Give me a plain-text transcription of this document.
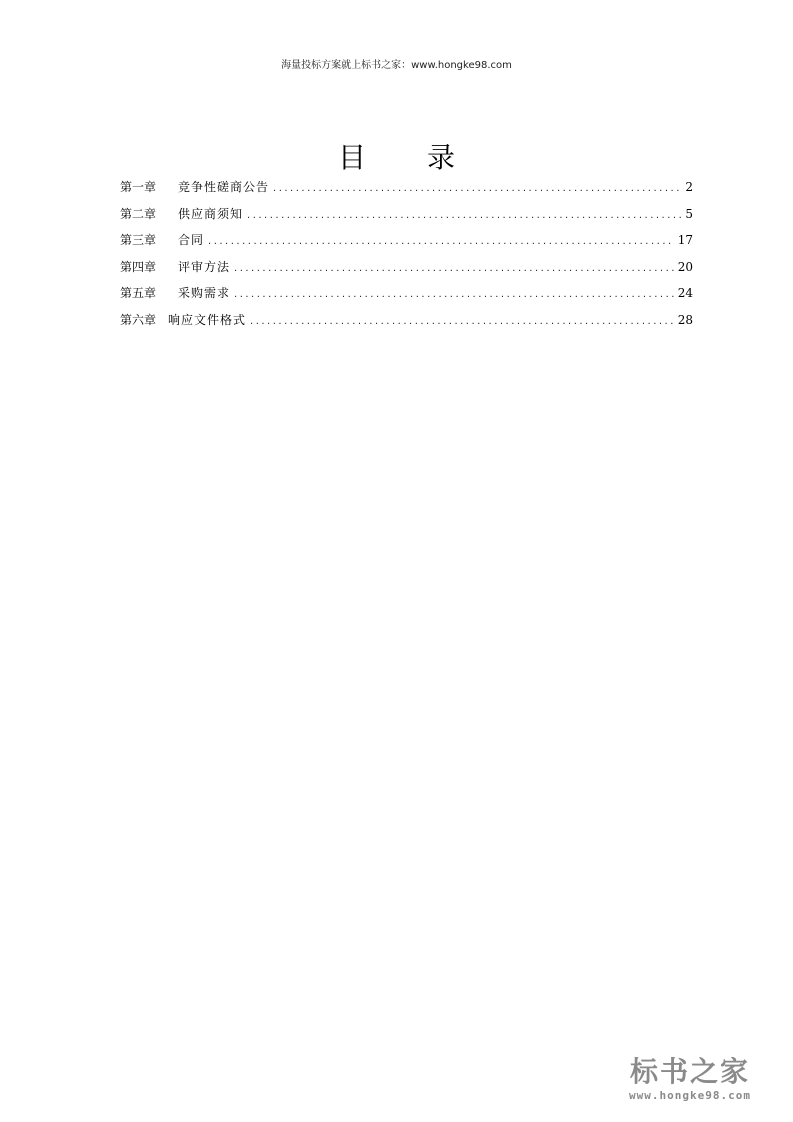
海量投标方案就上标书之家：www.hongke98.com
目 录
第一章	竞争性磋商公告 .....	2
第二章	供应商须知 .....	5
第三章	合同 .....	17
第四章	评审方法 .....	20
第五章	采购需求 .....	24
第六章 响应文件格式 .....	28
标书之家
www.hongke98.com
